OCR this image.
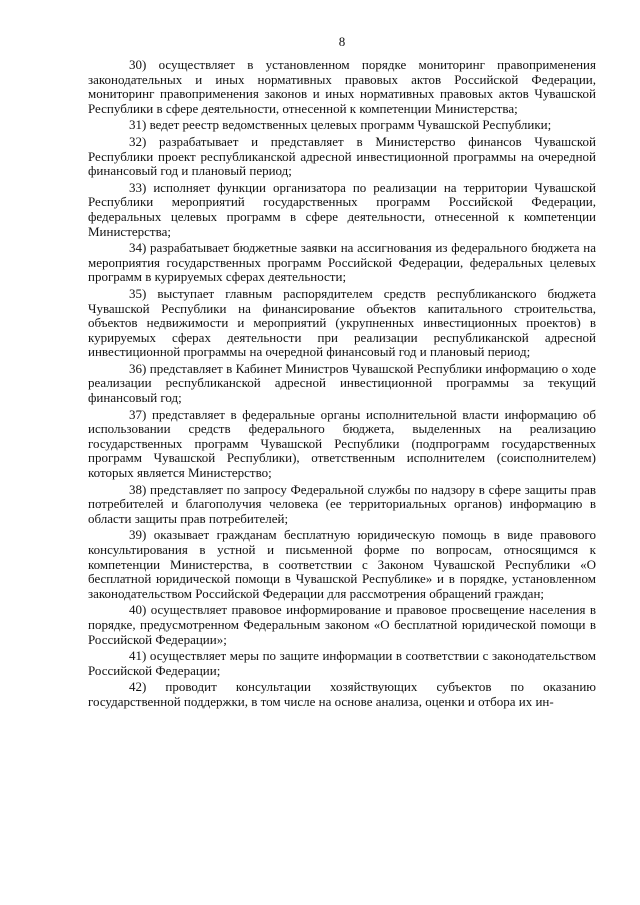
8

30) осуществляет в установленном порядке мониторинг правоприменения законодательных и иных нормативных правовых актов Российской Федерации, мониторинг правоприменения законов и иных нормативных правовых актов Чувашской Республики в сфере деятельности, отнесенной к компетенции Министерства;

31) ведет реестр ведомственных целевых программ Чувашской Республики;

32) разрабатывает и представляет в Министерство финансов Чувашской Республики проект республиканской адресной инвестиционной программы на очередной финансовый год и плановый период;

33) исполняет функции организатора по реализации на территории Чувашской Республики мероприятий государственных программ Российской Федерации, федеральных целевых программ в сфере деятельности, отнесенной к компетенции Министерства;

34) разрабатывает бюджетные заявки на ассигнования из федерального бюджета на мероприятия государственных программ Российской Федерации, федеральных целевых программ в курируемых сферах деятельности;

35) выступает главным распорядителем средств республиканского бюджета Чувашской Республики на финансирование объектов капитального строительства, объектов недвижимости и мероприятий (укрупненных инвестиционных проектов) в курируемых сферах деятельности при реализации республиканской адресной инвестиционной программы на очередной финансовый год и плановый период;

36) представляет в Кабинет Министров Чувашской Республики информацию о ходе реализации республиканской адресной инвестиционной программы за текущий финансовый год;

37) представляет в федеральные органы исполнительной власти информацию об использовании средств федерального бюджета, выделенных на реализацию государственных программ Чувашской Республики (подпрограмм государственных программ Чувашской Республики), ответственным исполнителем (соисполнителем) которых является Министерство;

38) представляет по запросу Федеральной службы по надзору в сфере защиты прав потребителей и благополучия человека (ее территориальных органов) информацию в области защиты прав потребителей;

39) оказывает гражданам бесплатную юридическую помощь в виде правового консультирования в устной и письменной форме по вопросам, относящимся к компетенции Министерства, в соответствии с Законом Чувашской Республики «О бесплатной юридической помощи в Чувашской Республике» и в порядке, установленном законодательством Российской Федерации для рассмотрения обращений граждан;

40) осуществляет правовое информирование и правовое просвещение населения в порядке, предусмотренном Федеральным законом «О бесплатной юридической помощи в Российской Федерации»;

41) осуществляет меры по защите информации в соответствии с законодательством Российской Федерации;

42) проводит консультации хозяйствующих субъектов по оказанию государственной поддержки, в том числе на основе анализа, оценки и отбора их ин-
